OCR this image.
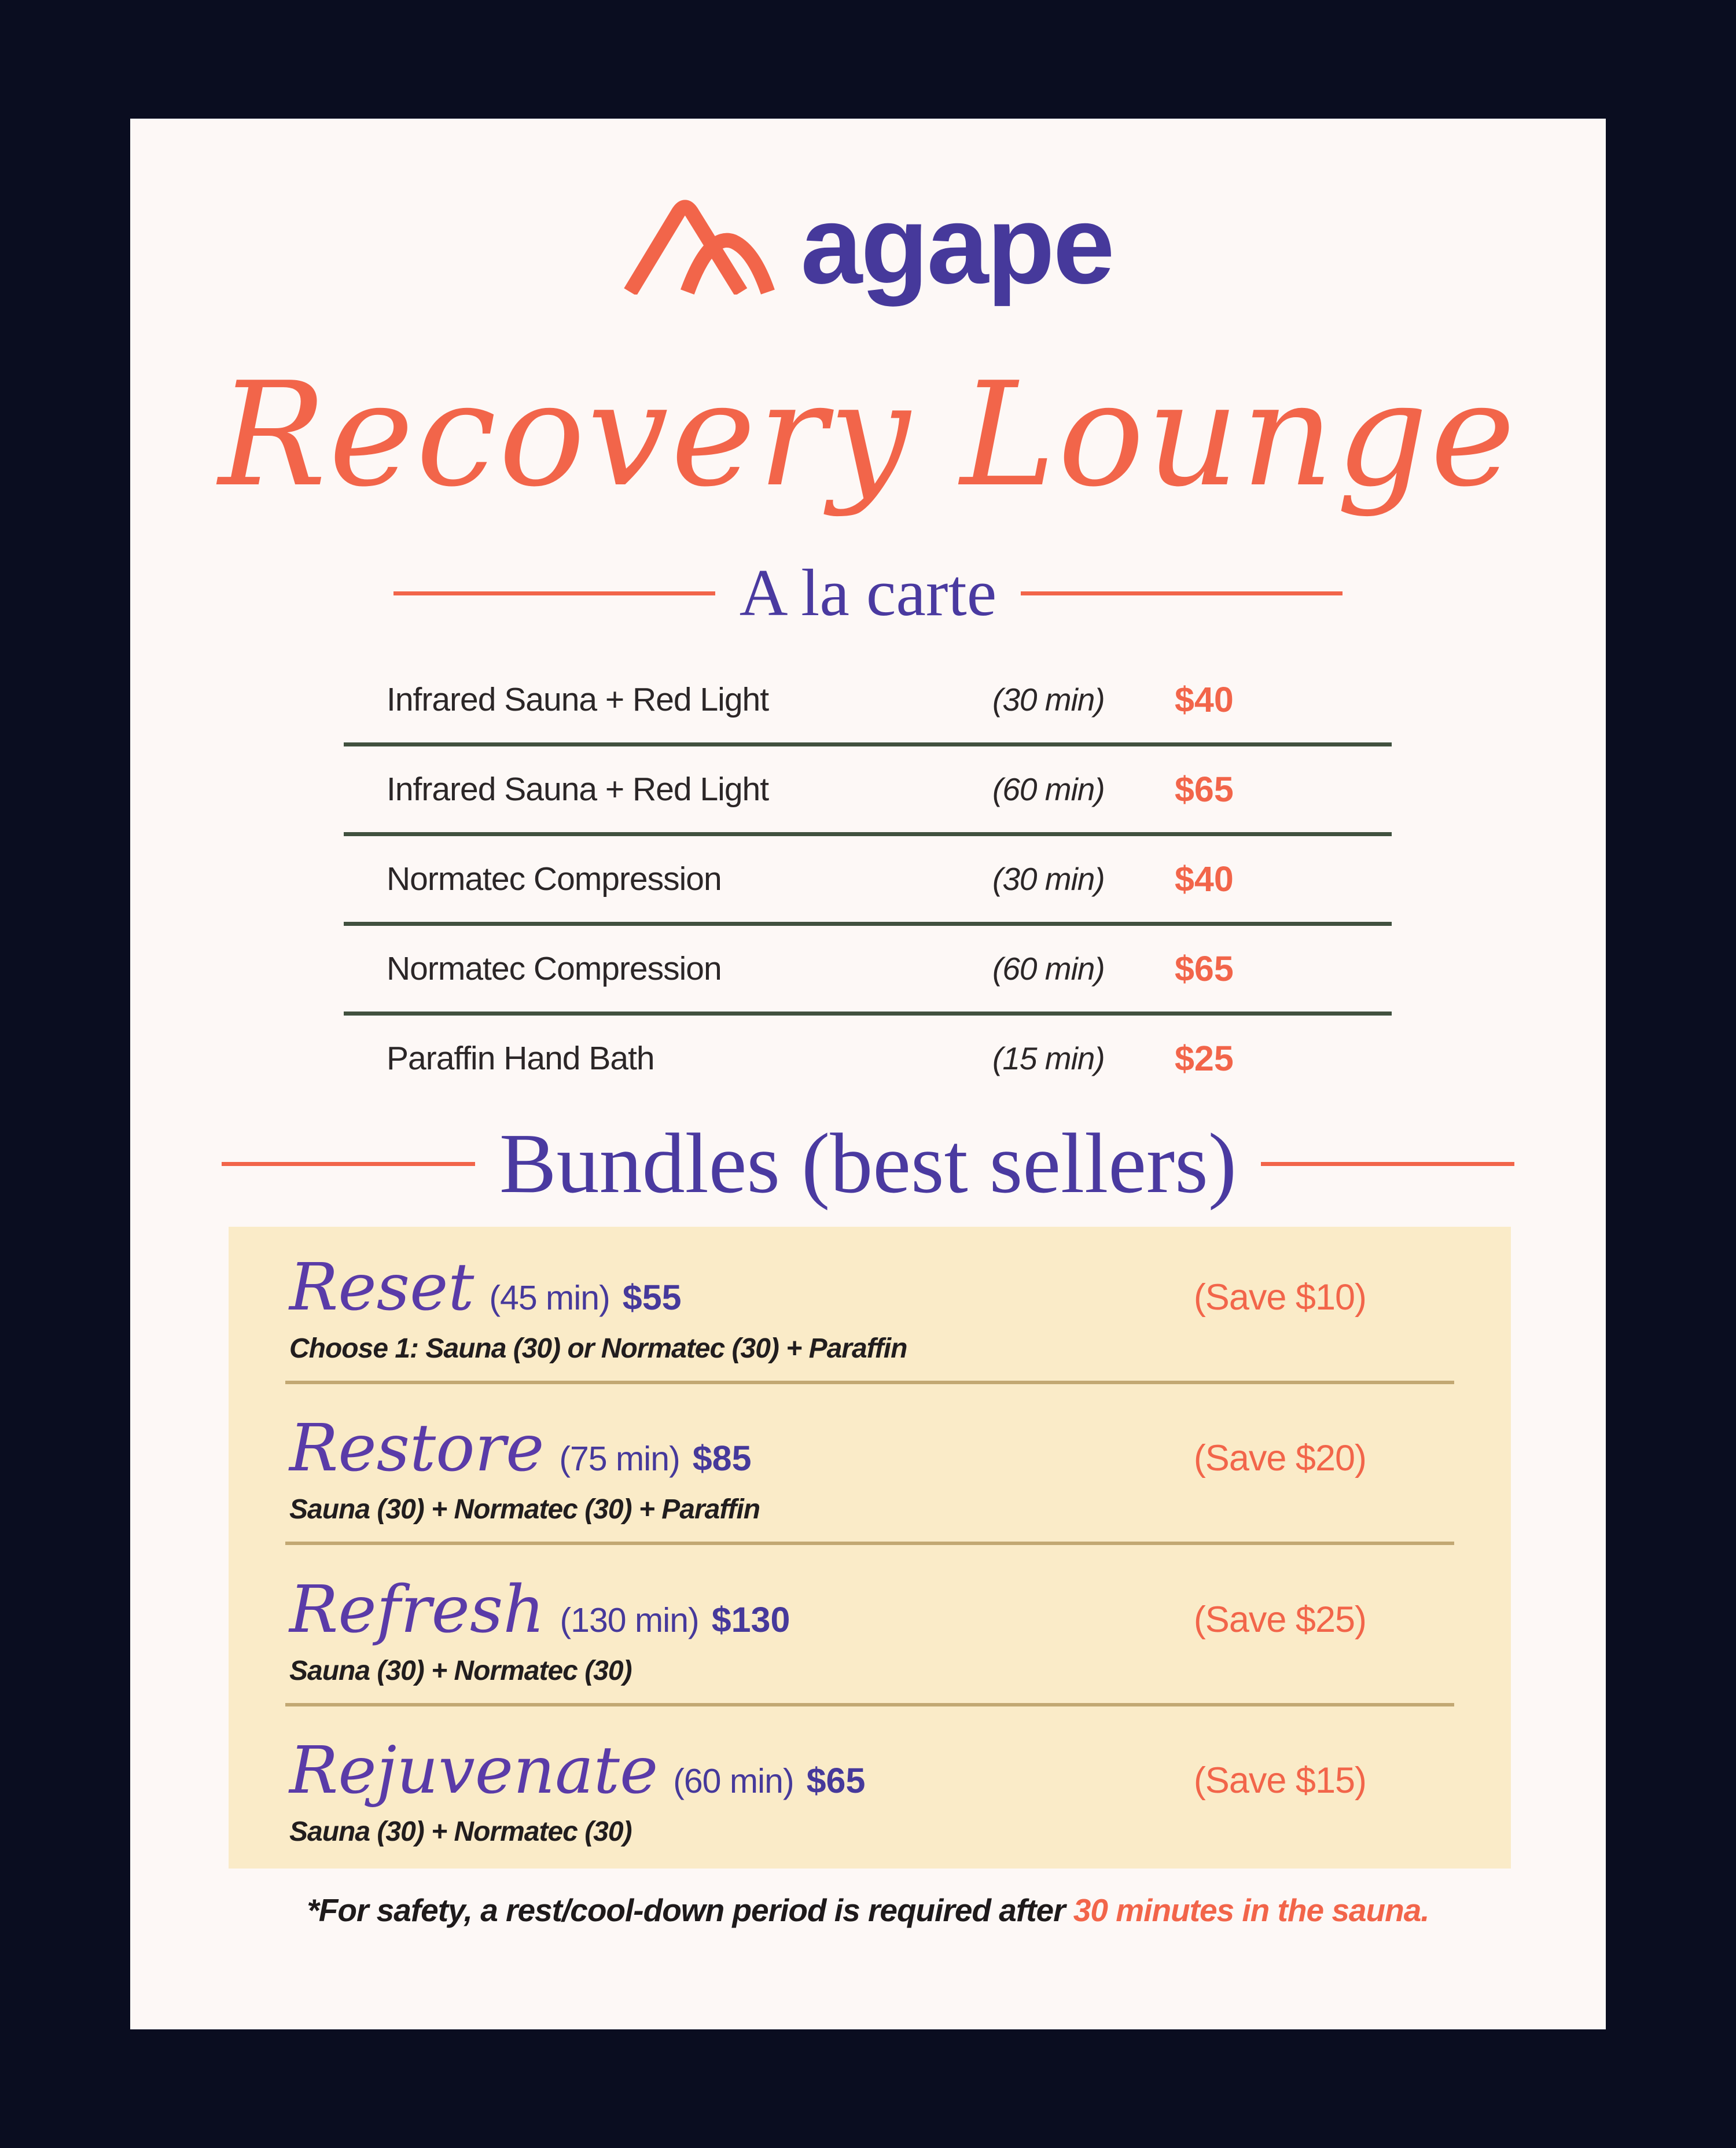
agape
Recovery Lounge
A la carte
Infrared Sauna + Red Light	(30 min)	$40
Infrared Sauna + Red Light	(60 min)	$65
Normatec Compression	(30 min)	$40
Normatec Compression	(60 min)	$65
Paraffin Hand Bath	(15 min)	$25
Bundles (best sellers)
Reset (45 min) $55	(Save $10)
Choose 1: Sauna (30) or Normatec (30) + Paraffin
Restore (75 min) $85	(Save $20)
Sauna (30) + Normatec (30) + Paraffin
Refresh (130 min) $130	(Save $25)
Sauna (30) + Normatec (30)
Rejuvenate (60 min) $65	(Save $15)
Sauna (30) + Normatec (30)
*For safety, a rest/cool-down period is required after 30 minutes in the sauna.
